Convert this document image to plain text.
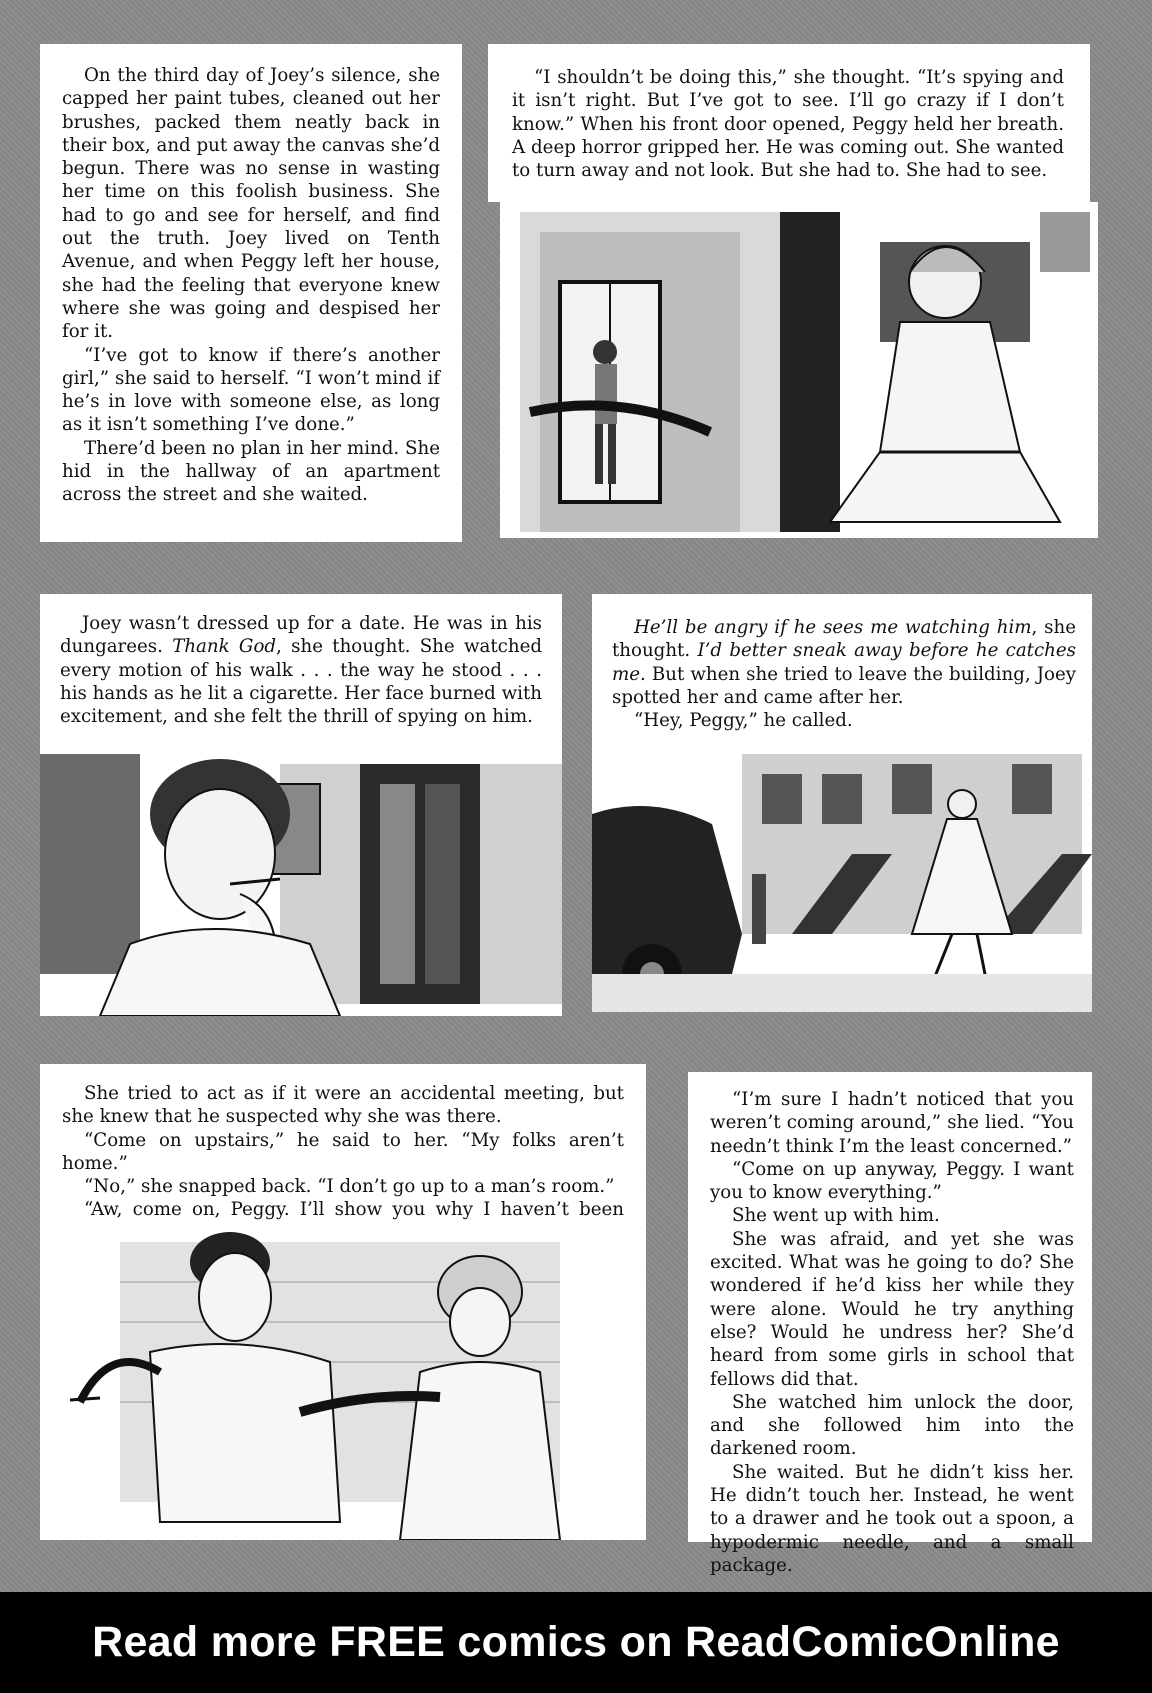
On the third day of Joey’s silence, she capped her paint tubes, cleaned out her brushes, packed them neatly back in their box, and put away the canvas she’d begun. There was no sense in wasting her time on this foolish business. She had to go and see for herself, and find out the truth. Joey lived on Tenth Avenue, and when Peggy left her house, she had the feeling that everyone knew where she was going and despised her for it.

“I’ve got to know if there’s another girl,” she said to herself. “I won’t mind if he’s in love with someone else, as long as it isn’t something I’ve done.”

There’d been no plan in her mind. She hid in the hallway of an apartment across the street and she waited.

“I shouldn’t be doing this,” she thought. “It’s spying and it isn’t right. But I’ve got to see. I’ll go crazy if I don’t know.” When his front door opened, Peggy held her breath. A deep horror gripped her. He was coming out. She wanted to turn away and not look. But she had to. She had to see.

Joey wasn’t dressed up for a date. He was in his dungarees. Thank God, she thought. She watched every motion of his walk . . . the way he stood . . . his hands as he lit a cigarette. Her face burned with excitement, and she felt the thrill of spying on him.

He’ll be angry if he sees me watching him, she thought. I’d better sneak away before he catches me. But when she tried to leave the building, Joey spotted her and came after her.

“Hey, Peggy,” he called.

She tried to act as if it were an accidental meeting, but she knew that he suspected why she was there.

“Come on upstairs,” he said to her. “My folks aren’t home.”

“No,” she snapped back. “I don’t go up to a man’s room.”

“Aw, come on, Peggy. I’ll show you why I haven’t been

“I’m sure I hadn’t noticed that you weren’t coming around,” she lied. “You needn’t think I’m the least concerned.”

“Come on up anyway, Peggy. I want you to know everything.”

She went up with him.

She was afraid, and yet she was excited. What was he going to do? She wondered if he’d kiss her while they were alone. Would he try anything else? Would he undress her? She’d heard from some girls in school that fellows did that.

She watched him unlock the door, and she followed him into the darkened room.

She waited. But he didn’t kiss her. He didn’t touch her. Instead, he went to a drawer and he took out a spoon, a hypodermic needle, and a small package.

Read more FREE comics on ReadComicOnline
